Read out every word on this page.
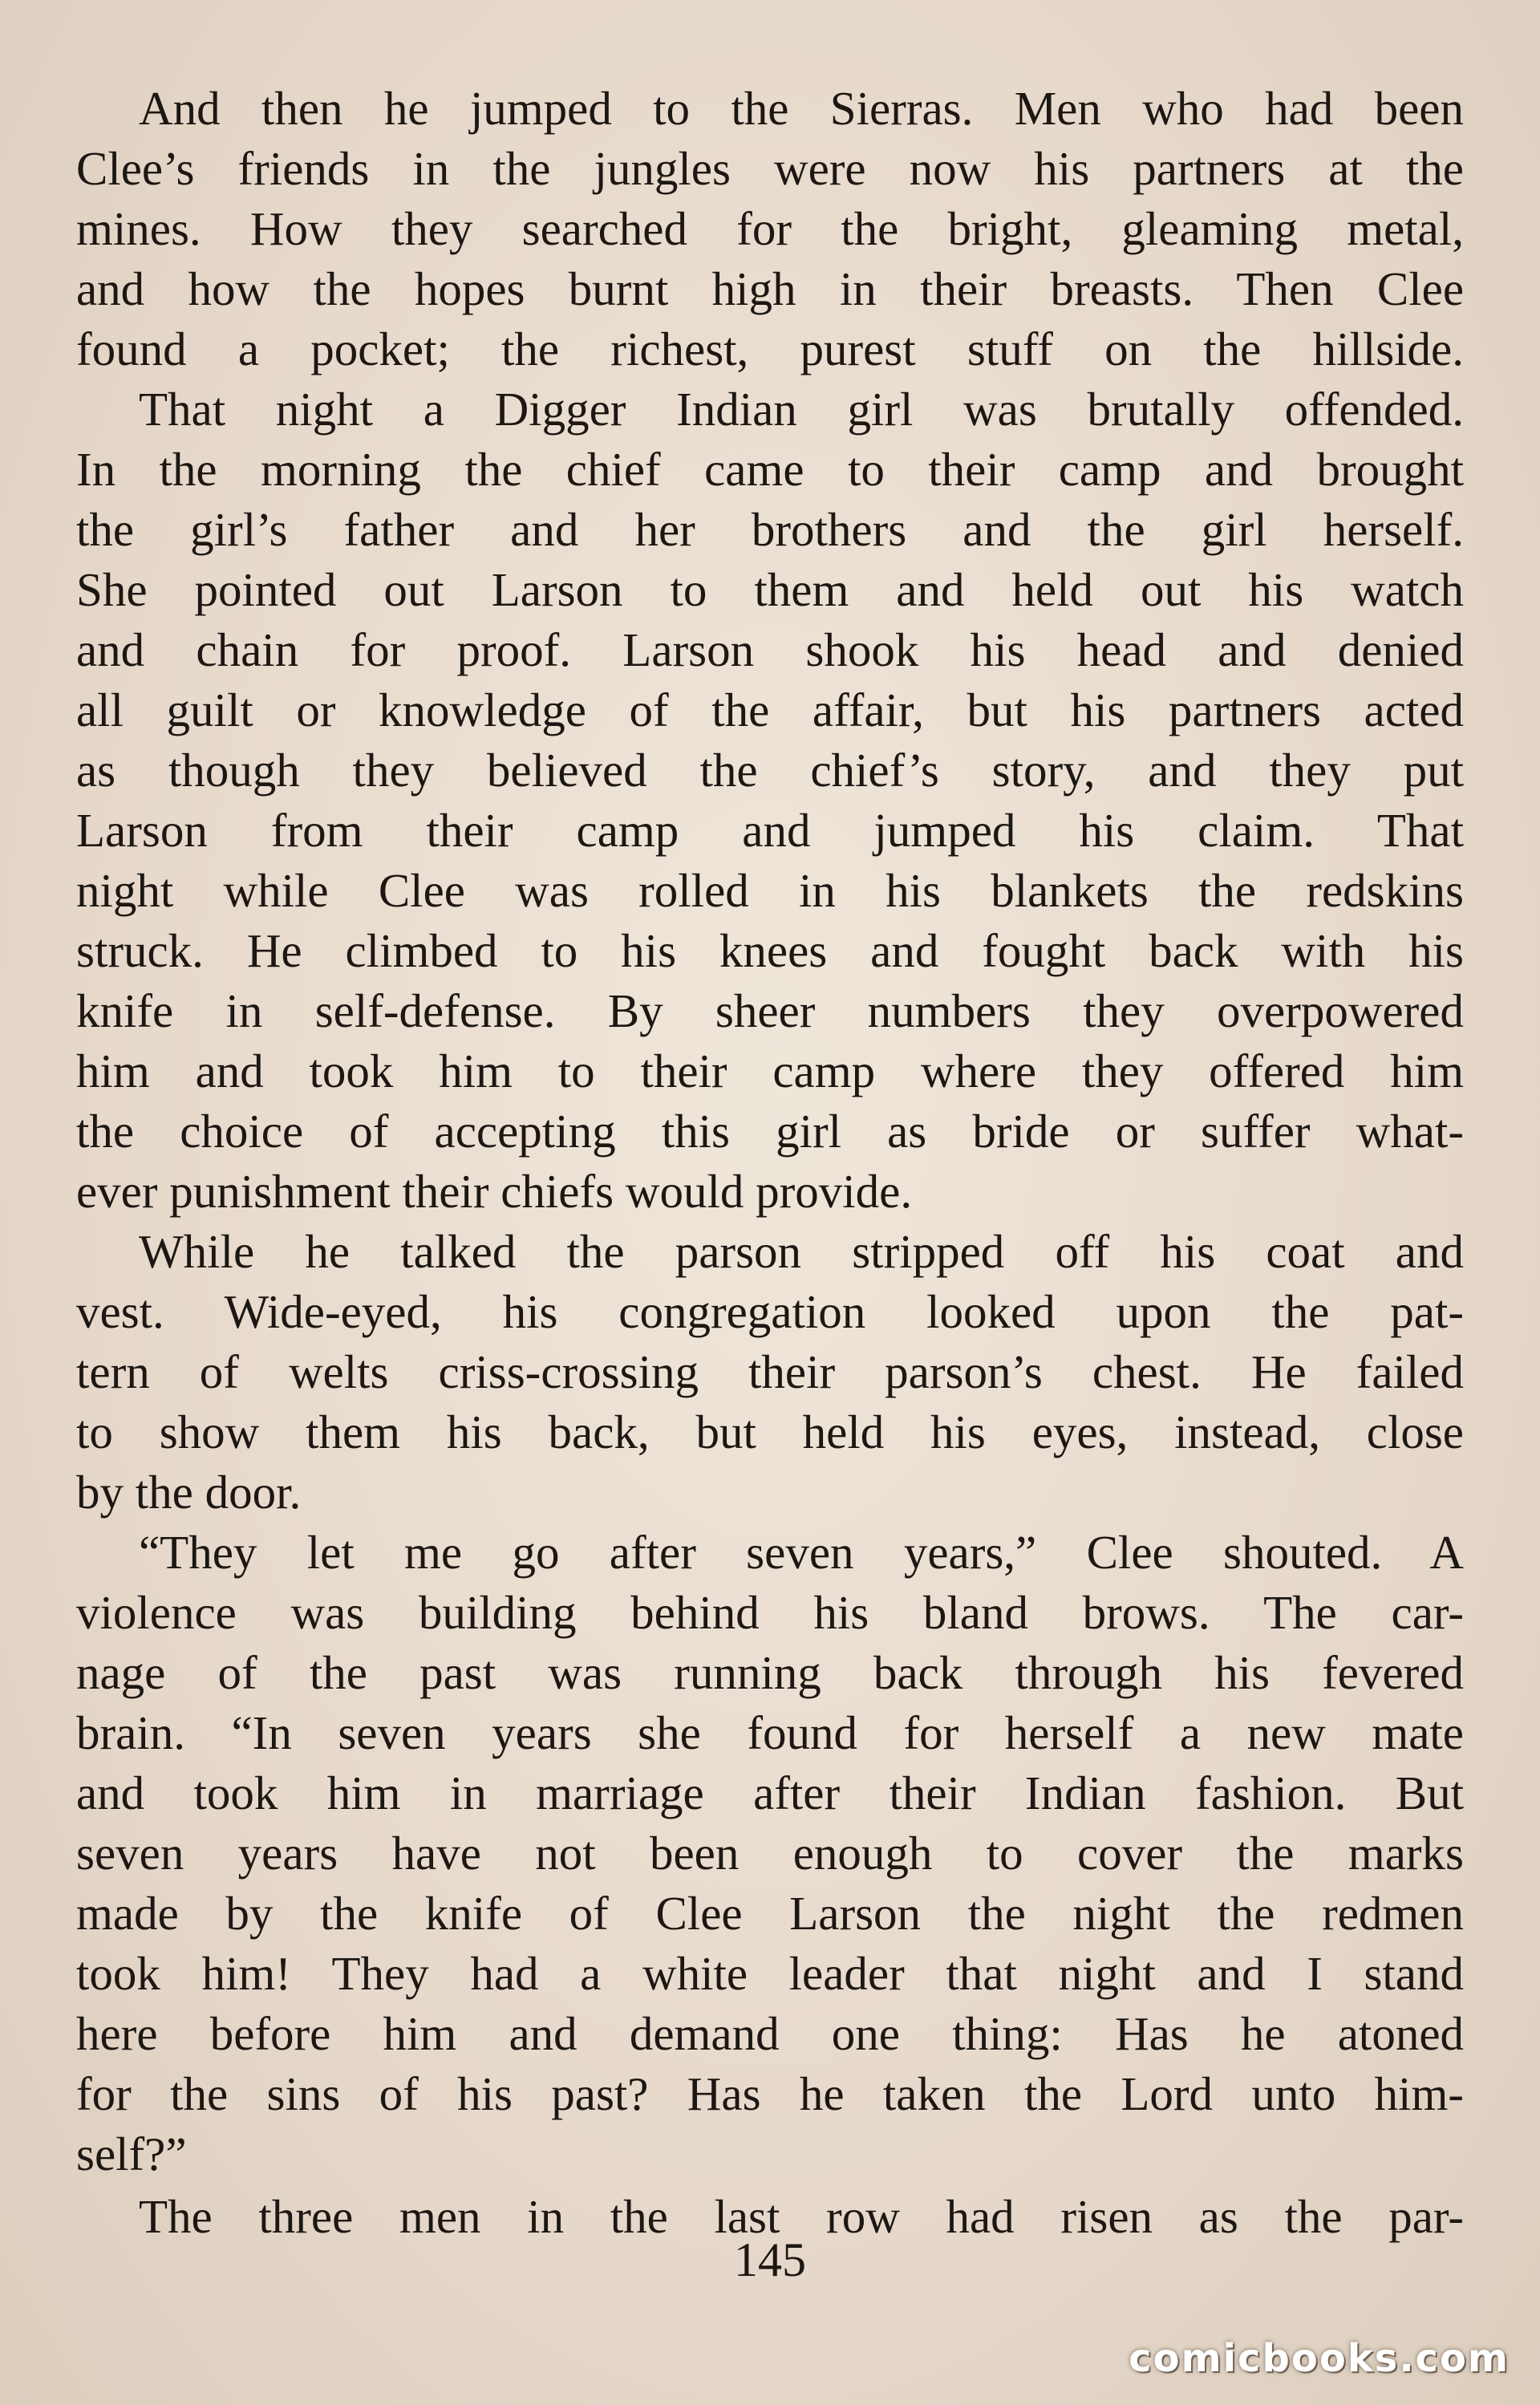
And then he jumped to the Sierras. Men who had been
Clee’s friends in the jungles were now his partners at the
mines. How they searched for the bright, gleaming metal,
and how the hopes burnt high in their breasts. Then Clee
found a pocket; the richest, purest stuff on the hillside.
That night a Digger Indian girl was brutally offended.
In the morning the chief came to their camp and brought
the girl’s father and her brothers and the girl herself.
She pointed out Larson to them and held out his watch
and chain for proof. Larson shook his head and denied
all guilt or knowledge of the affair, but his partners acted
as though they believed the chief’s story, and they put
Larson from their camp and jumped his claim. That
night while Clee was rolled in his blankets the redskins
struck. He climbed to his knees and fought back with his
knife in self-defense. By sheer numbers they overpowered
him and took him to their camp where they offered him
the choice of accepting this girl as bride or suffer what-
ever punishment their chiefs would provide.
While he talked the parson stripped off his coat and
vest. Wide-eyed, his congregation looked upon the pat-
tern of welts criss-crossing their parson’s chest. He failed
to show them his back, but held his eyes, instead, close
by the door.
“They let me go after seven years,” Clee shouted. A
violence was building behind his bland brows. The car-
nage of the past was running back through his fevered
brain. “In seven years she found for herself a new mate
and took him in marriage after their Indian fashion. But
seven years have not been enough to cover the marks
made by the knife of Clee Larson the night the redmen
took him! They had a white leader that night and I stand
here before him and demand one thing: Has he atoned
for the sins of his past? Has he taken the Lord unto him-
self?”
The three men in the last row had risen as the par-
145
comicbooks.com
